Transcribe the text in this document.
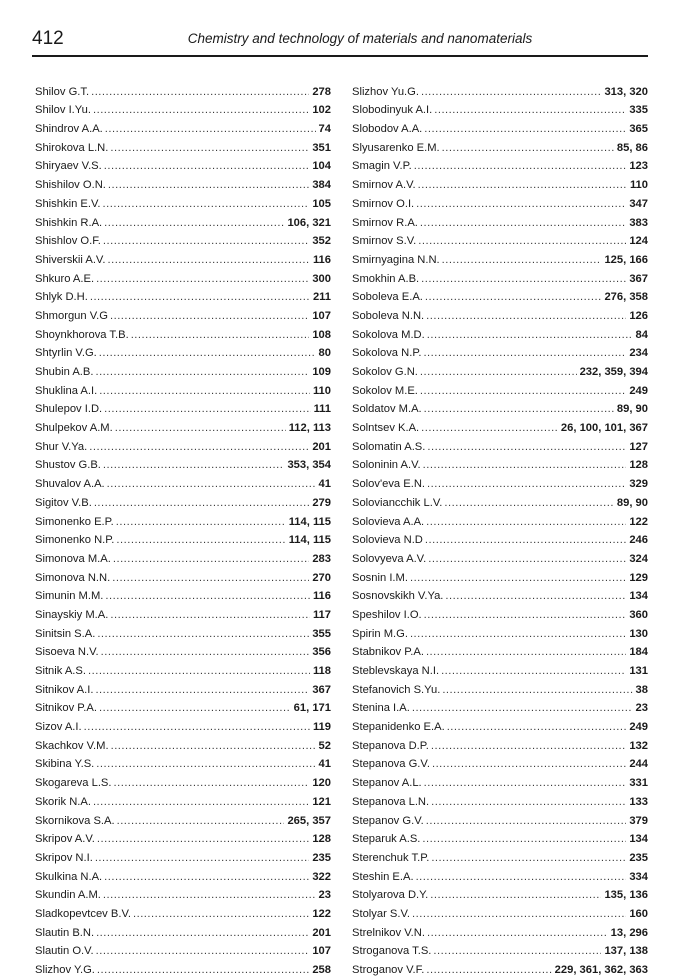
412	Chemistry and technology of materials and nanomaterials
Shilov G.T. .....	278
Shilov I.Yu. .....	102
Shindrov A.A. .....	74
Shirokova L.N. .....	351
Shiryaev V.S. .....	104
Shishilov O.N. .....	384
Shishkin E.V. .....	105
Shishkin R.A. .....	106, 321
Shishlov O.F. .....	352
Shiverskii A.V. .....	116
Shkuro A.E. .....	300
Shlyk D.H. .....	211
Shmorgun V.G .....	107
Shoynkhorova T.B. .....	108
Shtyrlin V.G. .....	80
Shubin A.B. .....	109
Shuklina A.I. .....	110
Shulepov I.D. .....	111
Shulpekov A.M. .....	112, 113
Shur V.Ya. .....	201
Shustov G.B. .....	353, 354
Shuvalov A.A. .....	41
Sigitov V.B. .....	279
Simonenko E.P. .....	114, 115
Simonenko N.P. .....	114, 115
Simonova M.A. .....	283
Simonova N.N. .....	270
Simunin M.M. .....	116
Sinayskiy M.A. .....	117
Sinitsin S.A. .....	355
Sisoeva N.V. .....	356
Sitnik A.S. .....	118
Sitnikov A.I. .....	367
Sitnikov P.A. .....	61, 171
Sizov A.I. .....	119
Skachkov V.M. .....	52
Skibina Y.S. .....	41
Skogareva L.S. .....	120
Skorik N.A. .....	121
Skornikova S.A. .....	265, 357
Skripov A.V. .....	128
Skripov N.I. .....	235
Skulkina N.A. .....	322
Skundin A.M. .....	23
Sladkopevtcev B.V. .....	122
Slautin B.N. .....	201
Slautin O.V. .....	107
Slizhov Y.G. .....	258
Slizhov Yu.G. .....	313, 320
Slobodinyuk A.I. .....	335
Slobodov A.A. .....	365
Slyusarenko E.M. .....	85, 86
Smagin V.P. .....	123
Smirnov A.V. .....	110
Smirnov O.I. .....	347
Smirnov R.A. .....	383
Smirnov S.V. .....	124
Smirnyagina N.N. .....	125, 166
Smokhin A.B. .....	367
Soboleva E.A. .....	276, 358
Soboleva N.N. .....	126
Sokolova M.D. .....	84
Sokolova N.P. .....	234
Sokolov G.N. .....	232, 359, 394
Sokolov M.E. .....	249
Soldatov M.A. .....	89, 90
Solntsev K.A. .....	26, 100, 101, 367
Solomatin A.S. .....	127
Soloninin A.V. .....	128
Solov'eva E.N. .....	329
Soloviancchik L.V. .....	89, 90
Solovieva A.A. .....	122
Solovieva N.D .....	246
Solovyeva A.V. .....	324
Sosnin I.M. .....	129
Sosnovskikh V.Ya. .....	134
Speshilov I.O. .....	360
Spirin M.G. .....	130
Stabnikov P.A. .....	184
Steblevskaya N.I. .....	131
Stefanovich S.Yu. .....	38
Stenina I.A. .....	23
Stepanidenko E.A. .....	249
Stepanova D.P. .....	132
Stepanova G.V. .....	244
Stepanov A.L. .....	331
Stepanova L.N. .....	133
Stepanov G.V. .....	379
Steparuk A.S. .....	134
Sterenchuk T.P. .....	235
Steshin E.A. .....	334
Stolyarova D.Y. .....	135, 136
Stolyar S.V. .....	160
Strelnikov V.N. .....	13, 296
Stroganova T.S. .....	137, 138
Stroganov V.F. .....	229, 361, 362, 363
